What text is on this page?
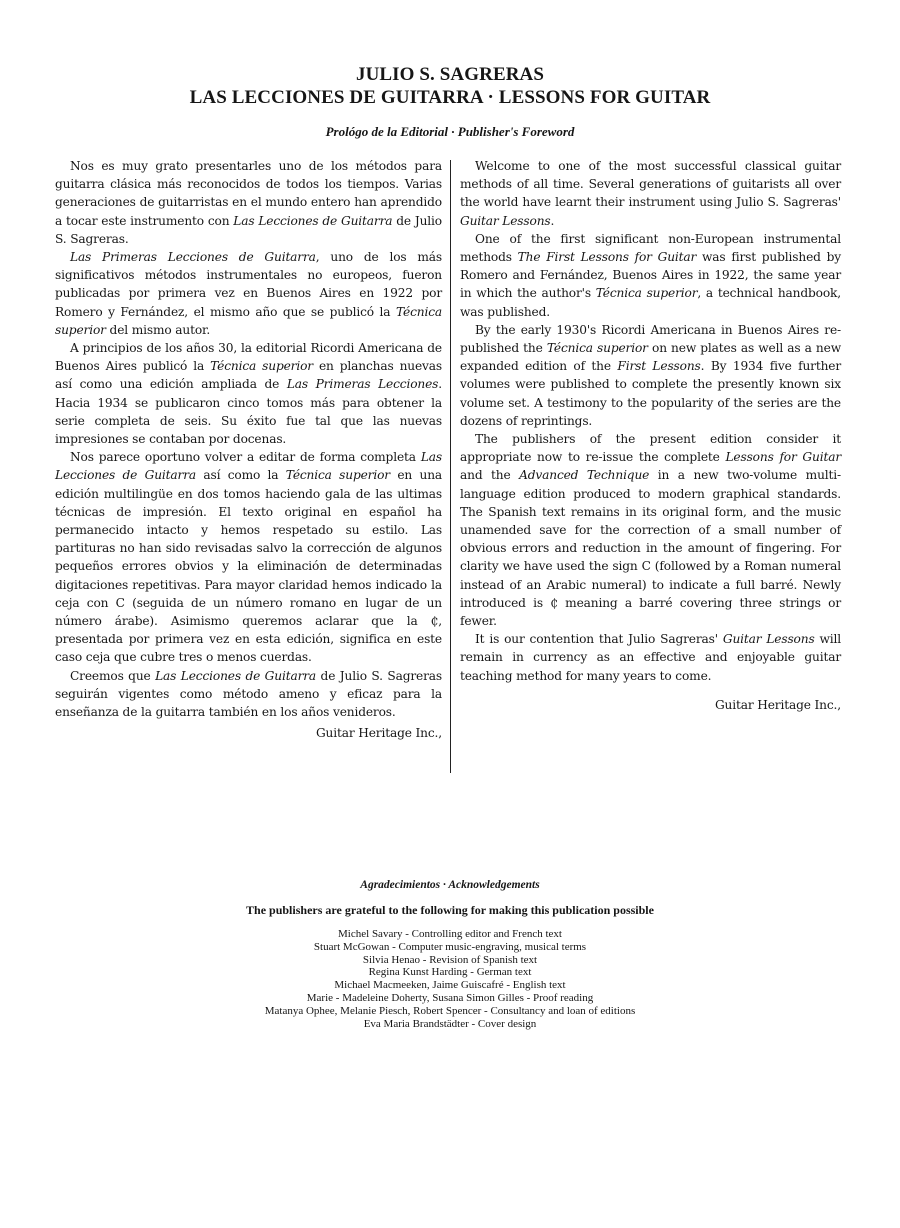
JULIO S. SAGRERAS
LAS LECCIONES DE GUITARRA · LESSONS FOR GUITAR
Prológo de la Editorial · Publisher's Foreword

Nos es muy grato presentarles uno de los métodos para guitarra clásica más reconocidos de todos los tiempos. Varias generaciones de guitarristas en el mundo entero han aprendido a tocar este instrumento con Las Lecciones de Guitarra de Julio S. Sagreras.

Las Primeras Lecciones de Guitarra, uno de los más significativos métodos instrumentales no europeos, fueron publicadas por primera vez en Buenos Aires en 1922 por Romero y Fernández, el mismo año que se publicó la Técnica superior del mismo autor.

A principios de los años 30, la editorial Ricordi Americana de Buenos Aires publicó la Técnica superior en planchas nuevas así como una edición ampliada de Las Primeras Lecciones. Hacia 1934 se publicaron cinco tomos más para obtener la serie completa de seis. Su éxito fue tal que las nuevas impresiones se contaban por docenas.

Nos parece oportuno volver a editar de forma completa Las Lecciones de Guitarra así como la Técnica superior en una edición multilingüe en dos tomos haciendo gala de las ultimas técnicas de impresión. El texto original en español ha permanecido intacto y hemos respetado su estilo. Las partituras no han sido revisadas salvo la corrección de algunos pequeños errores obvios y la eliminación de determinadas digitaciones repetitivas. Para mayor claridad hemos indicado la ceja con C (seguida de un número romano en lugar de un número árabe). Asimismo queremos aclarar que la ₵, presentada por primera vez en esta edición, significa en este caso ceja que cubre tres o menos cuerdas.

Creemos que Las Lecciones de Guitarra de Julio S. Sagreras seguirán vigentes como método ameno y eficaz para la enseñanza de la guitarra también en los años venideros.

Guitar Heritage Inc.,

Welcome to one of the most successful classical guitar methods of all time. Several generations of guitarists all over the world have learnt their instrument using Julio S. Sagreras' Guitar Lessons.

One of the first significant non-European instrumental methods The First Lessons for Guitar was first published by Romero and Fernández, Buenos Aires in 1922, the same year in which the author's Técnica superior, a technical handbook, was published.

By the early 1930's Ricordi Americana in Buenos Aires re-published the Técnica superior on new plates as well as a new expanded edition of the First Lessons. By 1934 five further volumes were published to complete the presently known six volume set. A testimony to the popularity of the series are the dozens of reprintings.

The publishers of the present edition consider it appropriate now to re-issue the complete Lessons for Guitar and the Advanced Technique in a new two-volume multi-language edition produced to modern graphical standards. The Spanish text remains in its original form, and the music unamended save for the correction of a small number of obvious errors and reduction in the amount of fingering. For clarity we have used the sign C (followed by a Roman numeral instead of an Arabic numeral) to indicate a full barré. Newly introduced is ₵ meaning a barré covering three strings or fewer.

It is our contention that Julio Sagreras' Guitar Lessons will remain in currency as an effective and enjoyable guitar teaching method for many years to come.

Guitar Heritage Inc.,

Agradecimientos · Acknowledgements
The publishers are grateful to the following for making this publication possible
Michel Savary - Controlling editor and French text
Stuart McGowan - Computer music-engraving, musical terms
Silvia Henao - Revision of Spanish text
Regina Kunst Harding - German text
Michael Macmeeken, Jaime Guiscafré - English text
Marie - Madeleine Doherty, Susana Simon Gilles - Proof reading
Matanya Ophee, Melanie Piesch, Robert Spencer - Consultancy and loan of editions
Eva Maria Brandstädter - Cover design
